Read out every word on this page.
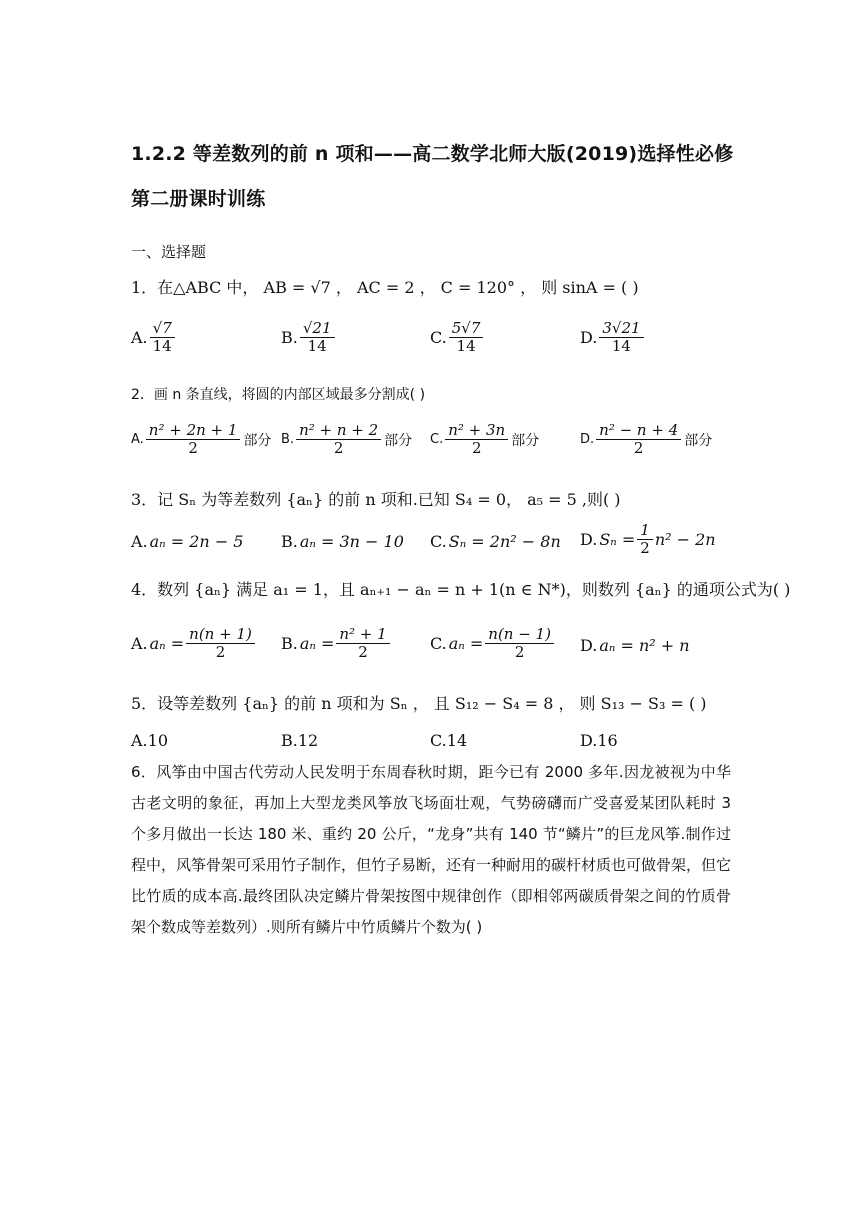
1.2.2 等差数列的前 n 项和——高二数学北师大版(2019)选择性必修
第二册课时训练
一、选择题
1．在△ABC 中， AB = √7 ， AC = 2 ， C = 120° ， 则 sinA = ( )
A. $\frac{√7}{14}$	B. $\frac{√21}{14}$	C. $\frac{5√7}{14}$	D. $\frac{3√21}{14}$
2．画 n 条直线，将圆的内部区域最多分割成( )
A. $\frac{\text{n² + 2n + 1}}{2}$ 部分 B. $\frac{\text{n² + n + 2}}{2}$ 部分 C. $\frac{\text{n² + 3n}}{2}$ 部分	D. $\frac{\text{n² − n + 4}}{2}$ 部分
3．记 Sₙ 为等差数列 {aₙ} 的前 n 项和.已知 S₄ = 0， a₅ = 5 ,则( )
A. aₙ = 2n − 5 B. aₙ = 3n − 10 C. Sₙ = 2n² − 8n D. $S_n = \frac{1}{2} n^2 - 2n$
4．数列 {aₙ} 满足 a₁ = 1，且 aₙ₊₁ − aₙ = n + 1(n ∈ N*)，则数列 {aₙ} 的通项公式为( )
A. $a_n = \frac{n(n + 1)}{2} B$. $a_n = \frac{\text{n² + 1}}{2}$	C. $a_n = \frac{n(n - 1)}{2} D$. aₙ = n² + n
5．设等差数列 {aₙ} 的前 n 项和为 Sₙ ， 且 S₁₂ − S₄ = 8 ， 则 S₁₃ − S₃ = ( )
A.10	B.12	C.14	D.16
6．风筝由中国古代劳动人民发明于东周春秋时期，距今已有 2000 多年.因龙被视为中华古老文明的象征，再加上大型龙类风筝放飞场面壮观，气势磅礴而广受喜爱某团队耗时 3 个多月做出一长达 180 米、重约 20 公斤，“龙身”共有 140 节“鳞片”的巨龙风筝.制作过程中，风筝骨架可采用竹子制作，但竹子易断，还有一种耐用的碳杆材质也可做骨架，但它比竹质的成本高.最终团队决定鳞片骨架按图中规律创作（即相邻两碳质骨架之间的竹质骨架个数成等差数列）.则所有鳞片中竹质鳞片个数为( )
